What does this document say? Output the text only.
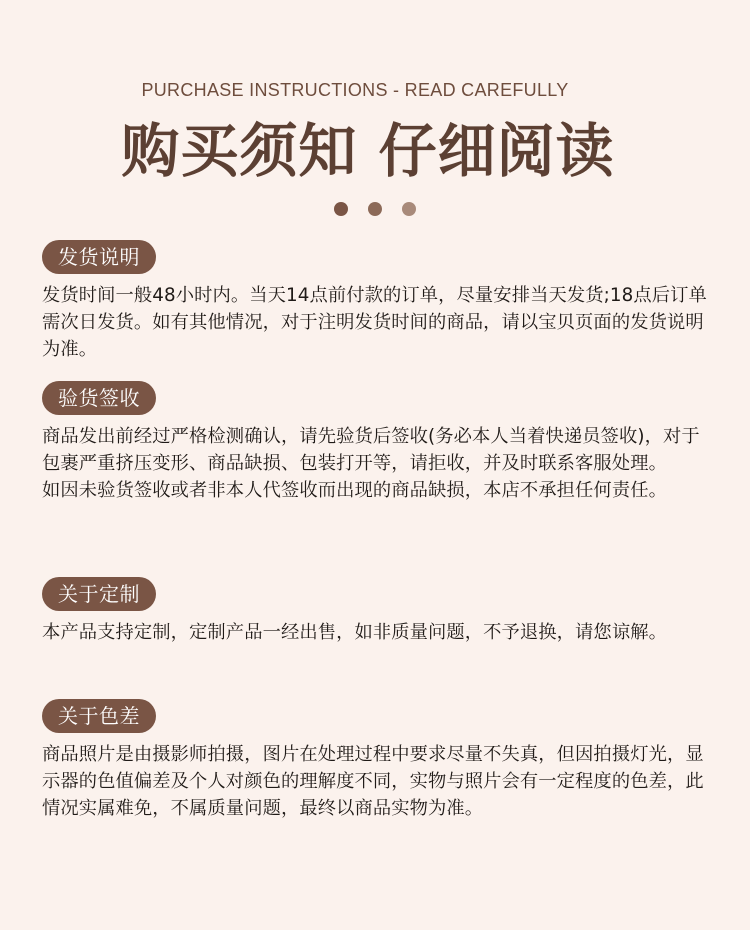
PURCHASE INSTRUCTIONS - READ CAREFULLY
购买须知 仔细阅读
发货说明

发货时间一般48小时内。当天14点前付款的订单，尽量安排当天发货;18点后订单需次日发货。如有其他情况，对于注明发货时间的商品，请以宝贝页面的发货说明为准。

验货签收

商品发出前经过严格检测确认，请先验货后签收(务必本人当着快递员签收)，对于包裹严重挤压变形、商品缺损、包装打开等，请拒收，并及时联系客服处理。

如因未验货签收或者非本人代签收而出现的商品缺损，本店不承担任何责任。

关于定制

本产品支持定制，定制产品一经出售，如非质量问题，不予退换，请您谅解。

关于色差

商品照片是由摄影师拍摄，图片在处理过程中要求尽量不失真，但因拍摄灯光，显示器的色值偏差及个人对颜色的理解度不同，实物与照片会有一定程度的色差，此情况实属难免，不属质量问题，最终以商品实物为准。
